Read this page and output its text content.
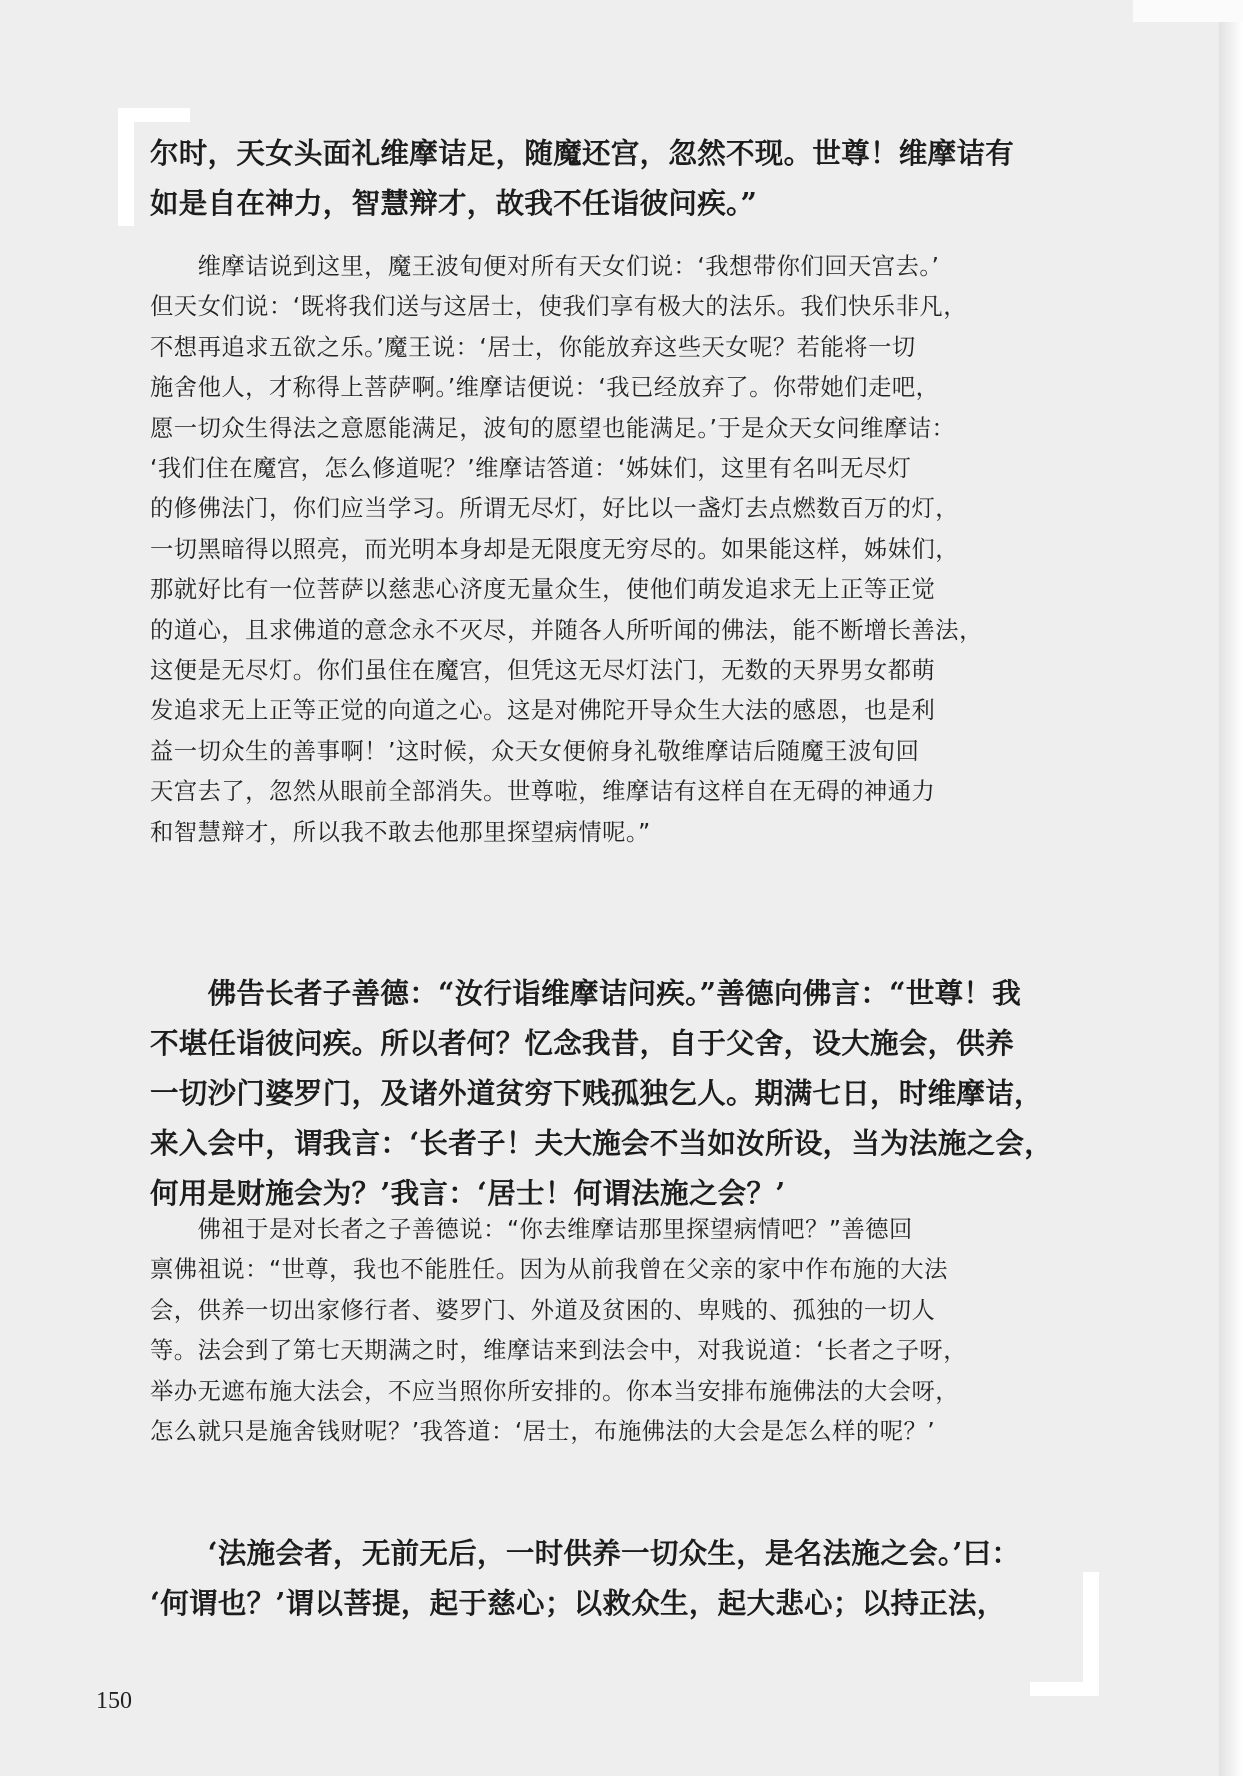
尔时，天女头面礼维摩诘足，随魔还宫，忽然不现。世尊！维摩诘有
如是自在神力，智慧辩才，故我不任诣彼问疾。”
　　维摩诘说到这里，魔王波旬便对所有天女们说：‘我想带你们回天宫去。’
但天女们说：‘既将我们送与这居士，使我们享有极大的法乐。我们快乐非凡，
不想再追求五欲之乐。’魔王说：‘居士，你能放弃这些天女呢？若能将一切
施舍他人，才称得上菩萨啊。’维摩诘便说：‘我已经放弃了。你带她们走吧，
愿一切众生得法之意愿能满足，波旬的愿望也能满足。’于是众天女问维摩诘：
‘我们住在魔宫，怎么修道呢？’维摩诘答道：‘姊妹们，这里有名叫无尽灯
的修佛法门，你们应当学习。所谓无尽灯，好比以一盏灯去点燃数百万的灯，
一切黑暗得以照亮，而光明本身却是无限度无穷尽的。如果能这样，姊妹们，
那就好比有一位菩萨以慈悲心济度无量众生，使他们萌发追求无上正等正觉
的道心，且求佛道的意念永不灭尽，并随各人所听闻的佛法，能不断增长善法，
这便是无尽灯。你们虽住在魔宫，但凭这无尽灯法门，无数的天界男女都萌
发追求无上正等正觉的向道之心。这是对佛陀开导众生大法的感恩，也是利
益一切众生的善事啊！’这时候，众天女便俯身礼敬维摩诘后随魔王波旬回
天宫去了，忽然从眼前全部消失。世尊啦，维摩诘有这样自在无碍的神通力
和智慧辩才，所以我不敢去他那里探望病情呢。”
　　佛告长者子善德：“汝行诣维摩诘问疾。”善德向佛言：“世尊！我
不堪任诣彼问疾。所以者何？忆念我昔，自于父舍，设大施会，供养
一切沙门婆罗门，及诸外道贫穷下贱孤独乞人。期满七日，时维摩诘，
来入会中，谓我言：‘长者子！夫大施会不当如汝所设，当为法施之会，
何用是财施会为？’我言：‘居士！何谓法施之会？’
　　佛祖于是对长者之子善德说：“你去维摩诘那里探望病情吧？”善德回
禀佛祖说：“世尊，我也不能胜任。因为从前我曾在父亲的家中作布施的大法
会，供养一切出家修行者、婆罗门、外道及贫困的、卑贱的、孤独的一切人
等。法会到了第七天期满之时，维摩诘来到法会中，对我说道：‘长者之子呀，
举办无遮布施大法会，不应当照你所安排的。你本当安排布施佛法的大会呀，
怎么就只是施舍钱财呢？’我答道：‘居士，布施佛法的大会是怎么样的呢？’
　　‘法施会者，无前无后，一时供养一切众生，是名法施之会。’曰：
‘何谓也？’谓以菩提，起于慈心；以救众生，起大悲心；以持正法，
150
